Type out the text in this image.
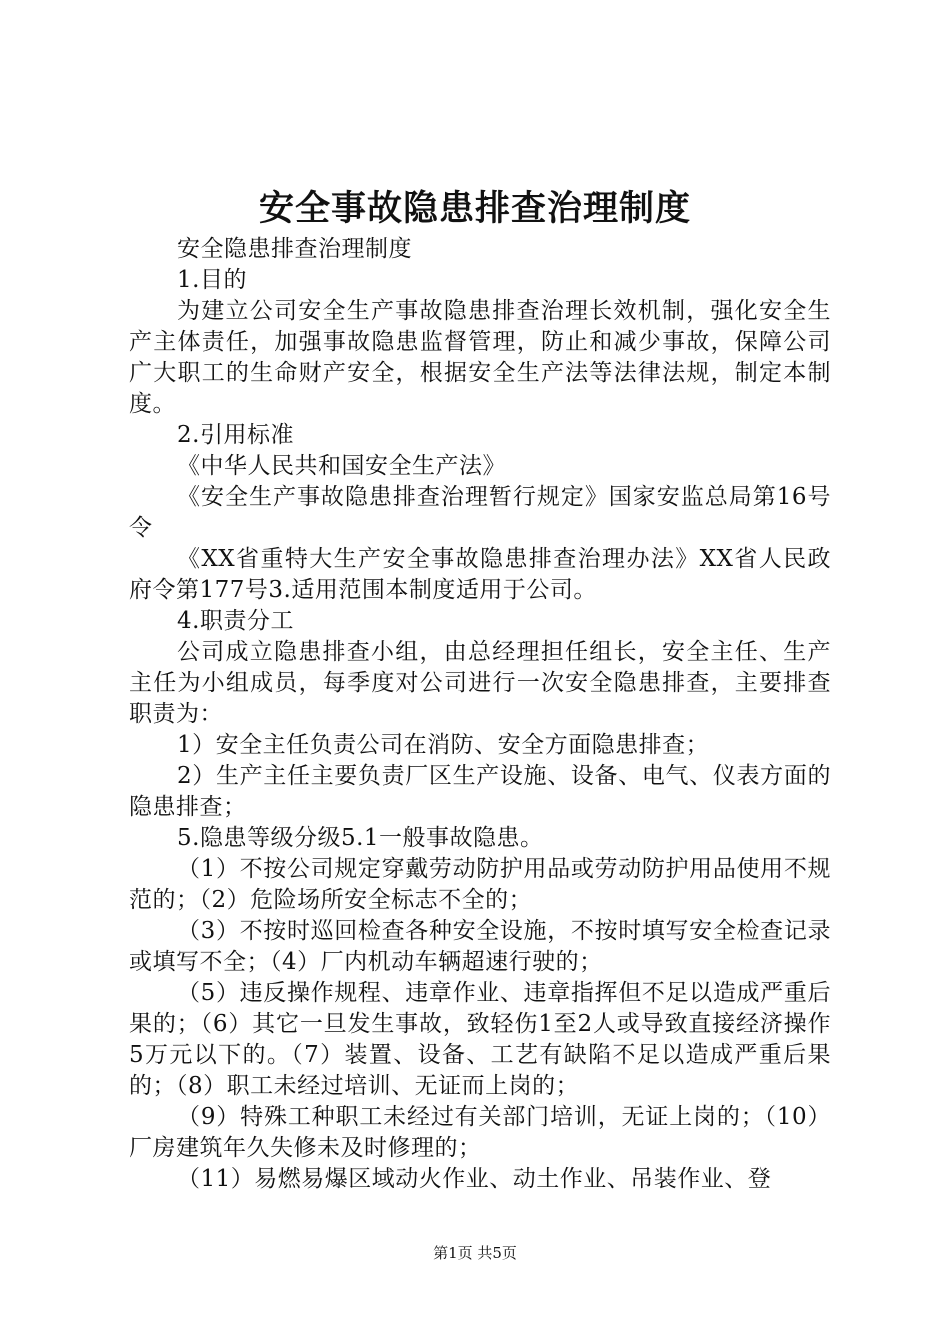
安全事故隐患排查治理制度

安全隐患排查治理制度

1.目的

为建立公司安全生产事故隐患排查治理长效机制，强化安全生产主体责任，加强事故隐患监督管理，防止和减少事故，保障公司广大职工的生命财产安全，根据安全生产法等法律法规，制定本制度。

2.引用标准

《中华人民共和国安全生产法》

《安全生产事故隐患排查治理暂行规定》国家安监总局第16号令

《XX省重特大生产安全事故隐患排查治理办法》XX省人民政府令第177号3.适用范围本制度适用于公司。

4.职责分工

公司成立隐患排查小组，由总经理担任组长，安全主任、生产主任为小组成员，每季度对公司进行一次安全隐患排查，主要排查职责为：

1）安全主任负责公司在消防、安全方面隐患排查；

2）生产主任主要负责厂区生产设施、设备、电气、仪表方面的隐患排查；

5.隐患等级分级5.1一般事故隐患。

（1）不按公司规定穿戴劳动防护用品或劳动防护用品使用不规范的；（2）危险场所安全标志不全的；

（3）不按时巡回检查各种安全设施，不按时填写安全检查记录或填写不全；（4）厂内机动车辆超速行驶的；

（5）违反操作规程、违章作业、违章指挥但不足以造成严重后果的；（6）其它一旦发生事故，致轻伤1至2人或导致直接经济操作5万元以下的。（7）装置、设备、工艺有缺陷不足以造成严重后果的；（8）职工未经过培训、无证而上岗的；

（9）特殊工种职工未经过有关部门培训，无证上岗的；（10）厂房建筑年久失修未及时修理的；

（11）易燃易爆区域动火作业、动土作业、吊装作业、登

第1页 共5页
